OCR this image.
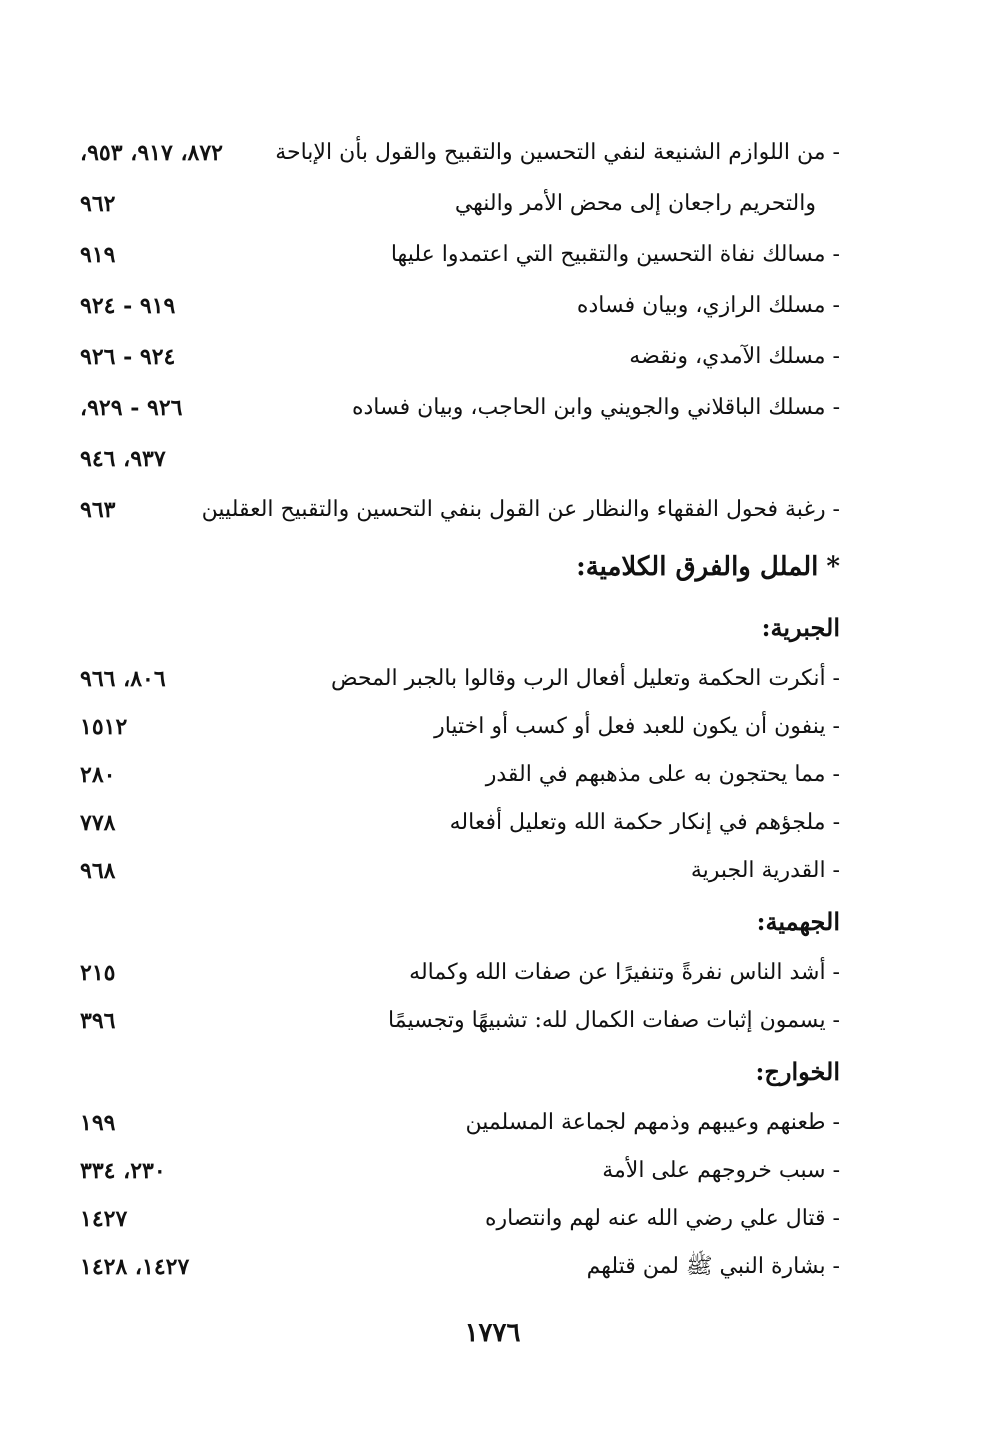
- من اللوازم الشنيعة لنفي التحسين والتقبيح والقول بأن الإباحة
٨٧٢، ٩١٧، ٩٥٣،
والتحريم راجعان إلى محض الأمر والنهي
٩٦٢
- مسالك نفاة التحسين والتقبيح التي اعتمدوا عليها
٩١٩
- مسلك الرازي، وبيان فساده
٩١٩ - ٩٢٤
- مسلك الآمدي، ونقضه
٩٢٤ - ٩٢٦
- مسلك الباقلاني والجويني وابن الحاجب، وبيان فساده
٩٢٦ - ٩٢٩،
٩٣٧، ٩٤٦
- رغبة فحول الفقهاء والنظار عن القول بنفي التحسين والتقبيح العقليين
٩٦٣
*
الملل والفرق الكلامية:
الجبرية:
- أنكرت الحكمة وتعليل أفعال الرب وقالوا بالجبر المحض
٨٠٦، ٩٦٦
- ينفون أن يكون للعبد فعل أو كسب أو اختيار
١٥١٢
- مما يحتجون به على مذهبهم في القدر
٢٨٠
- ملجؤهم في إنكار حكمة الله وتعليل أفعاله
٧٧٨
- القدرية الجبرية
٩٦٨
الجهمية:
- أشد الناس نفرةً وتنفيرًا عن صفات الله وكماله
٢١٥
- يسمون إثبات صفات الكمال لله: تشبيهًا وتجسيمًا
٣٩٦
الخوارج:
- طعنهم وعيبهم وذمهم لجماعة المسلمين
١٩٩
- سبب خروجهم على الأمة
٢٣٠، ٣٣٤
- قتال علي رضي الله عنه لهم وانتصاره
١٤٢٧
- بشارة النبي ﷺ لمن قتلهم
١٤٢٧، ١٤٢٨
١٧٧٦
